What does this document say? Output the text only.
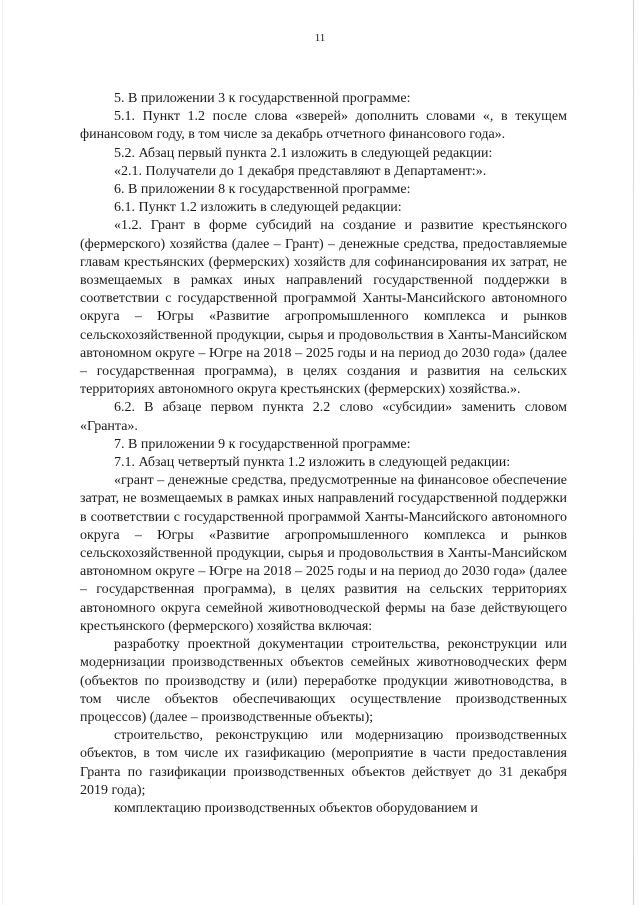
11

5. В приложении 3 к государственной программе:

5.1. Пункт 1.2 после слова «зверей» дополнить словами «, в текущем финансовом году, в том числе за декабрь отчетного финансового года».

5.2. Абзац первый пункта 2.1 изложить в следующей редакции:

«2.1. Получатели до 1 декабря представляют в Департамент:».

6. В приложении 8 к государственной программе:

6.1. Пункт 1.2 изложить в следующей редакции:

«1.2. Грант в форме субсидий на создание и развитие крестьянского (фермерского) хозяйства (далее – Грант) – денежные средства, предоставляемые главам крестьянских (фермерских) хозяйств для софинансирования их затрат, не возмещаемых в рамках иных направлений государственной поддержки в соответствии с государственной программой Ханты-Мансийского автономного округа – Югры «Развитие агропромышленного комплекса и рынков сельскохозяйственной продукции, сырья и продовольствия в Ханты-Мансийском автономном округе – Югре на 2018 – 2025 годы и на период до 2030 года» (далее – государственная программа), в целях создания и развития на сельских территориях автономного округа крестьянских (фермерских) хозяйства.».

6.2. В абзаце первом пункта 2.2 слово «субсидии» заменить словом «Гранта».

7. В приложении 9 к государственной программе:

7.1. Абзац четвертый пункта 1.2 изложить в следующей редакции:

«грант – денежные средства, предусмотренные на финансовое обеспечение затрат, не возмещаемых в рамках иных направлений государственной поддержки в соответствии с государственной программой Ханты-Мансийского автономного округа – Югры «Развитие агропромышленного комплекса и рынков сельскохозяйственной продукции, сырья и продовольствия в Ханты-Мансийском автономном округе – Югре на 2018 – 2025 годы и на период до 2030 года» (далее – государственная программа), в целях развития на сельских территориях автономного округа семейной животноводческой фермы на базе действующего крестьянского (фермерского) хозяйства включая:

разработку проектной документации строительства, реконструкции или модернизации производственных объектов семейных животноводческих ферм (объектов по производству и (или) переработке продукции животноводства, в том числе объектов обеспечивающих осуществление производственных процессов) (далее – производственные объекты);

строительство, реконструкцию или модернизацию производственных объектов, в том числе их газификацию (мероприятие в части предоставления Гранта по газификации производственных объектов действует до 31 декабря 2019 года);

комплектацию производственных объектов оборудованием и
